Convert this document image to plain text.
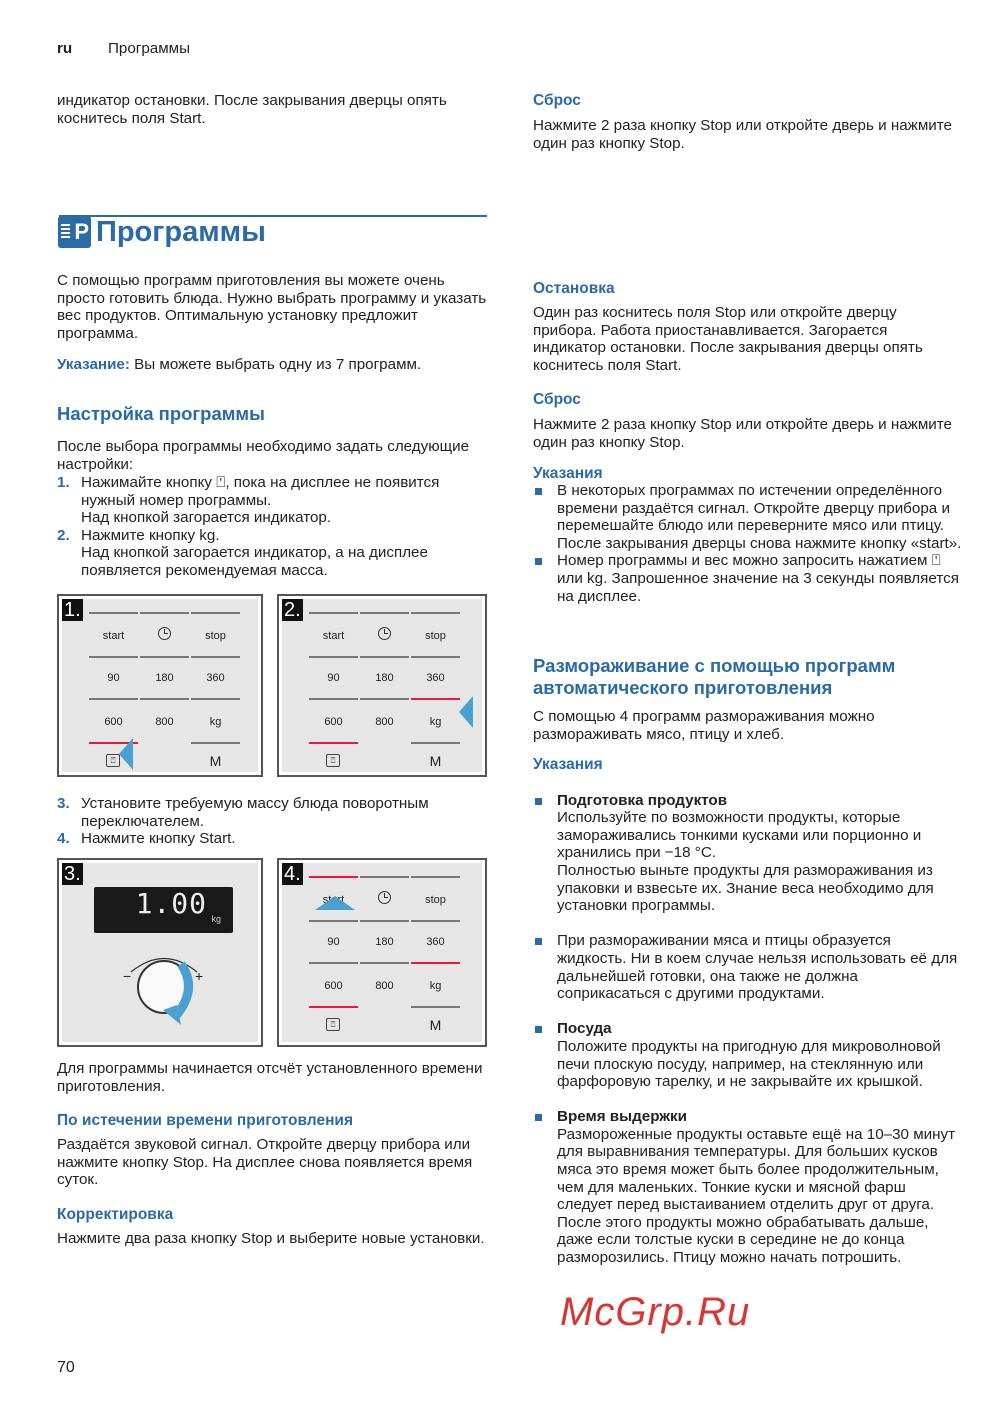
ru Программы

индикатор остановки. После закрывания дверцы опять коснитесь поля Start.

P Программы

С помощью программ приготовления вы можете очень просто готовить блюда. Нужно выбрать программу и указать вес продуктов. Оптимальную установку предложит программа.

Указание: Вы можете выбрать одну из 7 программ.

Настройка программы

После выбора программы необходимо задать следующие настройки:

1. Нажимайте кнопку ⍞, пока на дисплее не появится нужный номер программы.

Над кнопкой загорается индикатор.

2. Нажмите кнопку kg.

Над кнопкой загорается индикатор, а на дисплее появляется рекомендуемая масса.

1.
start	stop
90	180	360
600	800	kg
⍞	M
2.
start	stop
90	180	360
600	800	kg
⍞	M
3. Установите требуемую массу блюда поворотным переключателем.

4. Нажмите кнопку Start.

3.
1.00 kg
−	+
4.
start	stop
90	180	360
600	800	kg
⍞	M

Для программы начинается отсчёт установленного времени приготовления.

По истечении времени приготовления

Раздаётся звуковой сигнал. Откройте дверцу прибора или нажмите кнопку Stop. На дисплее снова появляется время суток.

Корректировка

Нажмите два раза кнопку Stop и выберите новые установки.

Сброс

Нажмите 2 раза кнопку Stop или откройте дверь и нажмите один раз кнопку Stop.

Остановка

Один раз коснитесь поля Stop или откройте дверцу прибора. Работа приостанавливается. Загорается индикатор остановки. После закрывания дверцы опять коснитесь поля Start.

Сброс

Нажмите 2 раза кнопку Stop или откройте дверь и нажмите один раз кнопку Stop.

Указания

В некоторых программах по истечении определённого времени раздаётся сигнал. Откройте дверцу прибора и перемешайте блюдо или переверните мясо или птицу. После закрывания дверцы снова нажмите кнопку «start».

Номер программы и вес можно запросить нажатием ⍞ или kg. Запрошенное значение на 3 секунды появляется на дисплее.

Размораживание с помощью программ автоматического приготовления

С помощью 4 программ размораживания можно размораживать мясо, птицу и хлеб.

Указания

Подготовка продуктов

Используйте по возможности продукты, которые замораживались тонкими кусками или порционно и хранились при −18 °C.
Полностью выньте продукты для размораживания из упаковки и взвесьте их. Знание веса необходимо для установки программы.

При размораживании мяса и птицы образуется жидкость. Ни в коем случае нельзя использовать её для дальнейшей готовки, она также не должна соприкасаться с другими продуктами.

Посуда

Положите продукты на пригодную для микроволновой печи плоскую посуду, например, на стеклянную или фарфоровую тарелку, и не закрывайте их крышкой.

Время выдержки

Размороженные продукты оставьте ещё на 10–30 минут для выравнивания температуры. Для больших кусков мяса это время может быть более продолжительным, чем для маленьких. Тонкие куски и мясной фарш следует перед выстаиванием отделить друг от друга.
После этого продукты можно обрабатывать дальше, даже если толстые куски в середине не до конца разморозились. Птицу можно начать потрошить.

McGrp.Ru
70
